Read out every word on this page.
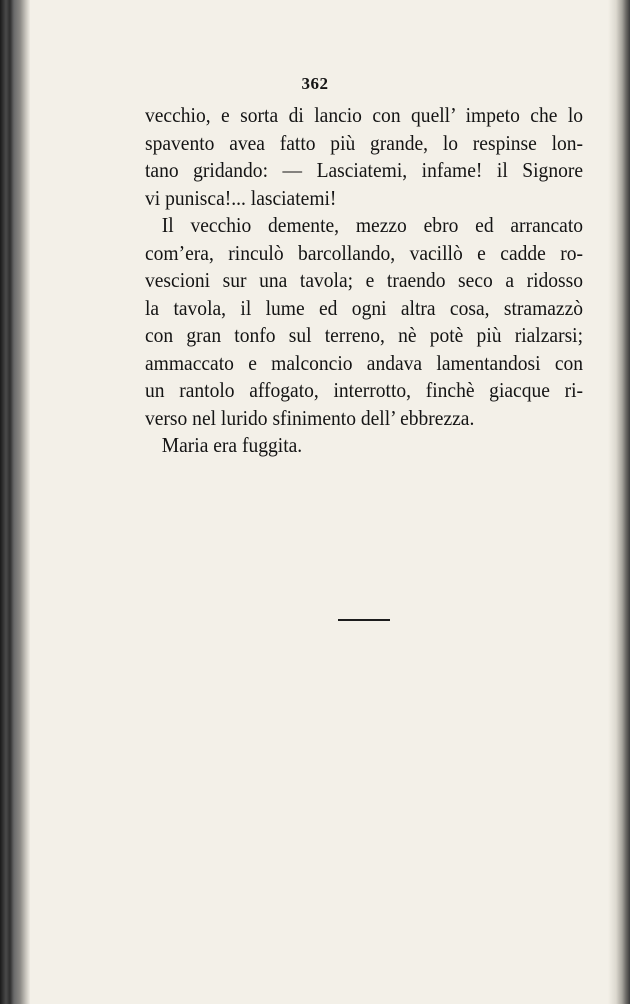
362
vecchio, e sorta di lancio con quell’ impeto che lo
spavento avea fatto più grande, lo respinse lon-
tano gridando: — Lasciatemi, infame! il Signore
vi punisca!... lasciatemi!
Il vecchio demente, mezzo ebro ed arrancato
com’era, rinculò barcollando, vacillò e cadde ro-
vescioni sur una tavola; e traendo seco a ridosso
la tavola, il lume ed ogni altra cosa, stramazzò
con gran tonfo sul terreno, nè potè più rialzarsi;
ammaccato e malconcio andava lamentandosi con
un rantolo affogato, interrotto, finchè giacque ri-
verso nel lurido sfinimento dell’ ebbrezza.
Maria era fuggita.
